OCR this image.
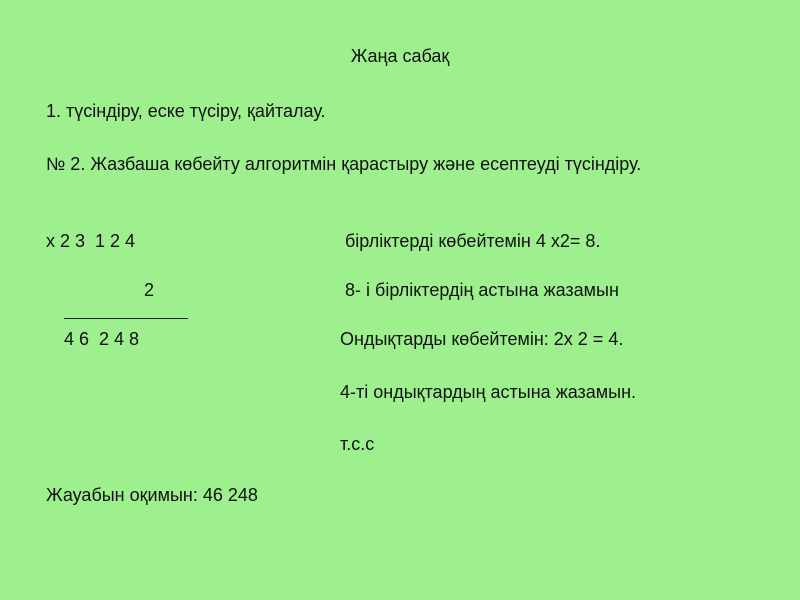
Жаңа сабақ
1. түсіндіру, еске түсіру, қайталау.
№ 2. Жазбаша көбейту алгоритмін қарастыру және есептеуді түсіндіру.
х 2 3  1 2 4
2
4 6  2 4 8
бірліктерді көбейтемін 4 х2= 8.
8- і бірліктердің астына жазамын
Ондықтарды көбейтемін: 2х 2 = 4.
4-ті ондықтардың астына жазамын.
т.с.с
Жауабын оқимын: 46 248
